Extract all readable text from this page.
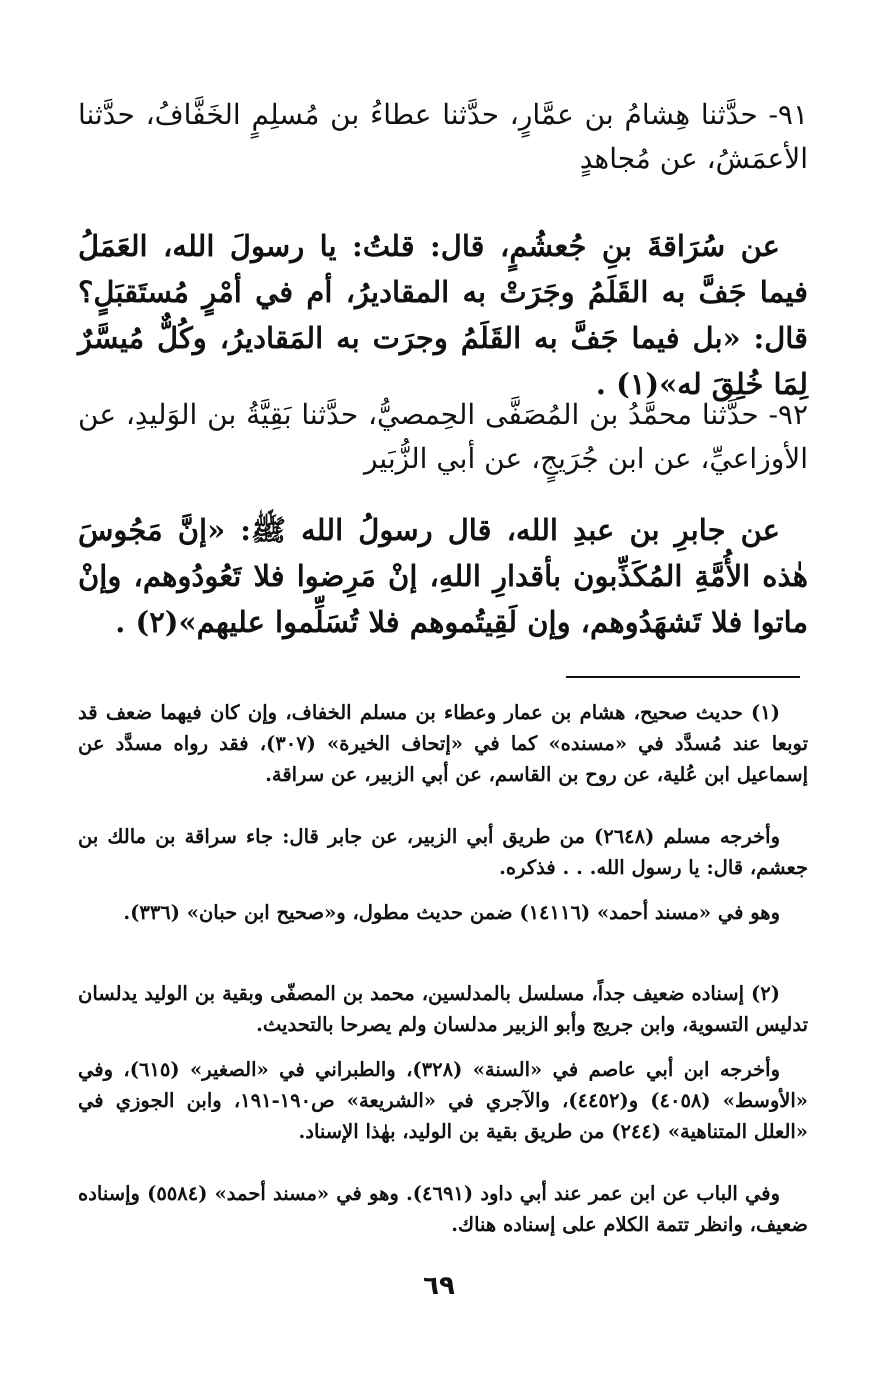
٩١- حدَّثنا هِشامُ بن عمَّارٍ، حدَّثنا عطاءُ بن مُسلِمٍ الخَفَّافُ، حدَّثنا الأعمَشُ، عن مُجاهدٍ

عن سُرَاقةَ بنِ جُعشُمٍ، قال: قلتُ: يا رسولَ الله، العَمَلُ فيما جَفَّ به القَلَمُ وجَرَتْ به المقاديرُ، أم في أمْرٍ مُستَقبَلٍ؟ قال: «بل فيما جَفَّ به القَلَمُ وجرَت به المَقاديرُ، وكُلٌّ مُيسَّرٌ لِمَا خُلِقَ له»(١) .

٩٢- حدَّثنا محمَّدُ بن المُصَفَّى الحِمصيُّ، حدَّثنا بَقِيَّةُ بن الوَليدِ، عن الأوزاعيِّ، عن ابن جُرَيجٍ، عن أبي الزُّبَير

عن جابرِ بن عبدِ الله، قال رسولُ الله ﷺ: «إنَّ مَجُوسَ هٰذه الأُمَّةِ المُكَذِّبون بأقدارِ اللهِ، إنْ مَرِضوا فلا تَعُودُوهم، وإنْ ماتوا فلا تَشهَدُوهم، وإن لَقِيتُموهم فلا تُسَلِّموا عليهم»(٢) .

(١) حديث صحيح، هشام بن عمار وعطاء بن مسلم الخفاف، وإن كان فيهما ضعف قد توبعا عند مُسدَّد في «مسنده» كما في «إتحاف الخيرة» (٣٠٧)، فقد رواه مسدَّد عن إسماعيل ابن عُلية، عن روح بن القاسم، عن أبي الزبير، عن سراقة.

وأخرجه مسلم (٢٦٤٨) من طريق أبي الزبير، عن جابر قال: جاء سراقة بن مالك بن جعشم، قال: يا رسول الله. . . فذكره.

وهو في «مسند أحمد» (١٤١١٦) ضمن حديث مطول، و«صحيح ابن حبان» (٣٣٦).

(٢) إسناده ضعيف جداً، مسلسل بالمدلسين، محمد بن المصفّى وبقية بن الوليد يدلسان تدليس التسوية، وابن جريج وأبو الزبير مدلسان ولم يصرحا بالتحديث.

وأخرجه ابن أبي عاصم في «السنة» (٣٢٨)، والطبراني في «الصغير» (٦١٥)، وفي «الأوسط» (٤٠٥٨) و(٤٤٥٢)، والآجري في «الشريعة» ص١٩٠-١٩١، وابن الجوزي في «العلل المتناهية» (٢٤٤) من طريق بقية بن الوليد، بهٰذا الإسناد.

وفي الباب عن ابن عمر عند أبي داود (٤٦٩١). وهو في «مسند أحمد» (٥٥٨٤) وإسناده ضعيف، وانظر تتمة الكلام على إسناده هناك.

٦٩
